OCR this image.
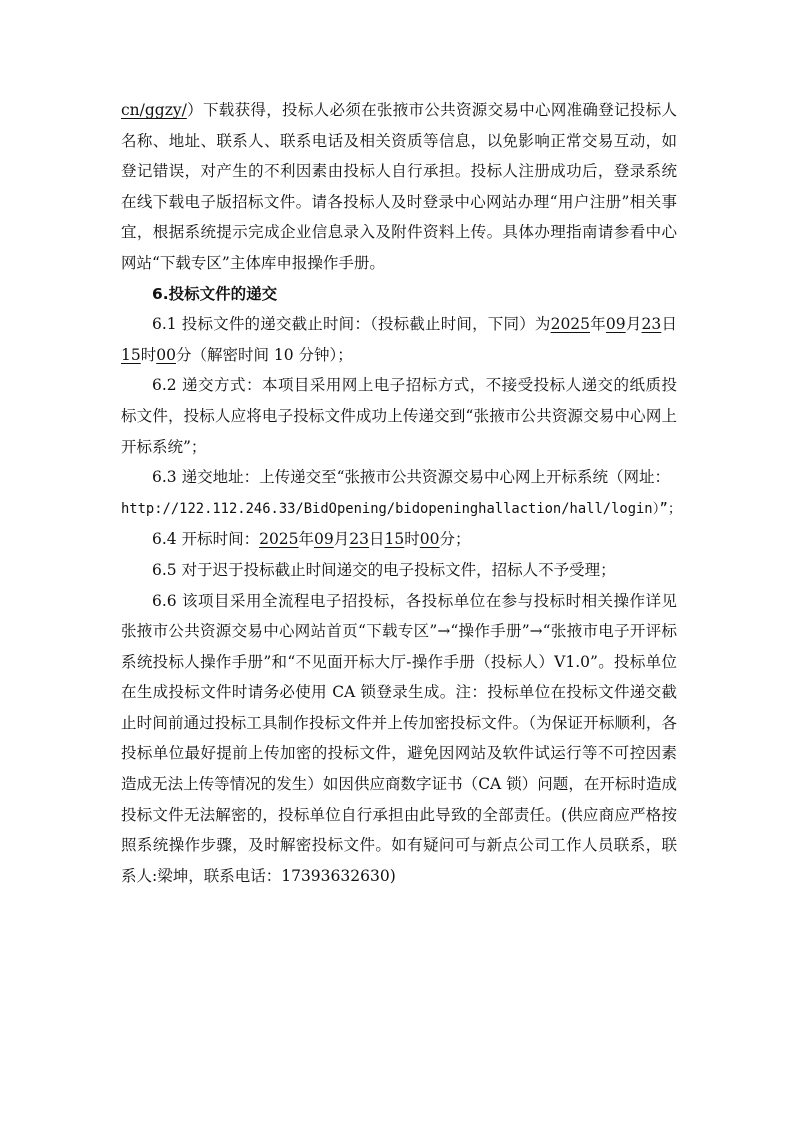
cn/ggzy/）下载获得，投标人必须在张掖市公共资源交易中心网准确登记投标人名称、地址、联系人、联系电话及相关资质等信息，以免影响正常交易互动，如登记错误，对产生的不利因素由投标人自行承担。投标人注册成功后，登录系统在线下载电子版招标文件。请各投标人及时登录中心网站办理“用户注册”相关事宜，根据系统提示完成企业信息录入及附件资料上传。具体办理指南请参看中心网站“下载专区”主体库申报操作手册。

6.投标文件的递交

6.1 投标文件的递交截止时间：（投标截止时间，下同）为2025年09月23日15时00分（解密时间 10 分钟）；

6.2 递交方式：本项目采用网上电子招标方式，不接受投标人递交的纸质投标文件，投标人应将电子投标文件成功上传递交到“张掖市公共资源交易中心网上开标系统”；

6.3 递交地址：上传递交至“张掖市公共资源交易中心网上开标系统（网址：
http://122.112.246.33/BidOpening/bidopeninghallaction/hall/login）”；

6.4 开标时间：2025年09月23日15时00分；

6.5 对于迟于投标截止时间递交的电子投标文件，招标人不予受理；

6.6 该项目采用全流程电子招投标，各投标单位在参与投标时相关操作详见张掖市公共资源交易中心网站首页“下载专区”→“操作手册”→“张掖市电子开评标系统投标人操作手册”和“不见面开标大厅-操作手册（投标人）V1.0”。投标单位在生成投标文件时请务必使用 CA 锁登录生成。注：投标单位在投标文件递交截止时间前通过投标工具制作投标文件并上传加密投标文件。（为保证开标顺利，各投标单位最好提前上传加密的投标文件，避免因网站及软件试运行等不可控因素造成无法上传等情况的发生）如因供应商数字证书（CA 锁）问题，在开标时造成投标文件无法解密的，投标单位自行承担由此导致的全部责任。(供应商应严格按照系统操作步骤，及时解密投标文件。如有疑问可与新点公司工作人员联系，联系人:梁坤，联系电话：17393632630)
